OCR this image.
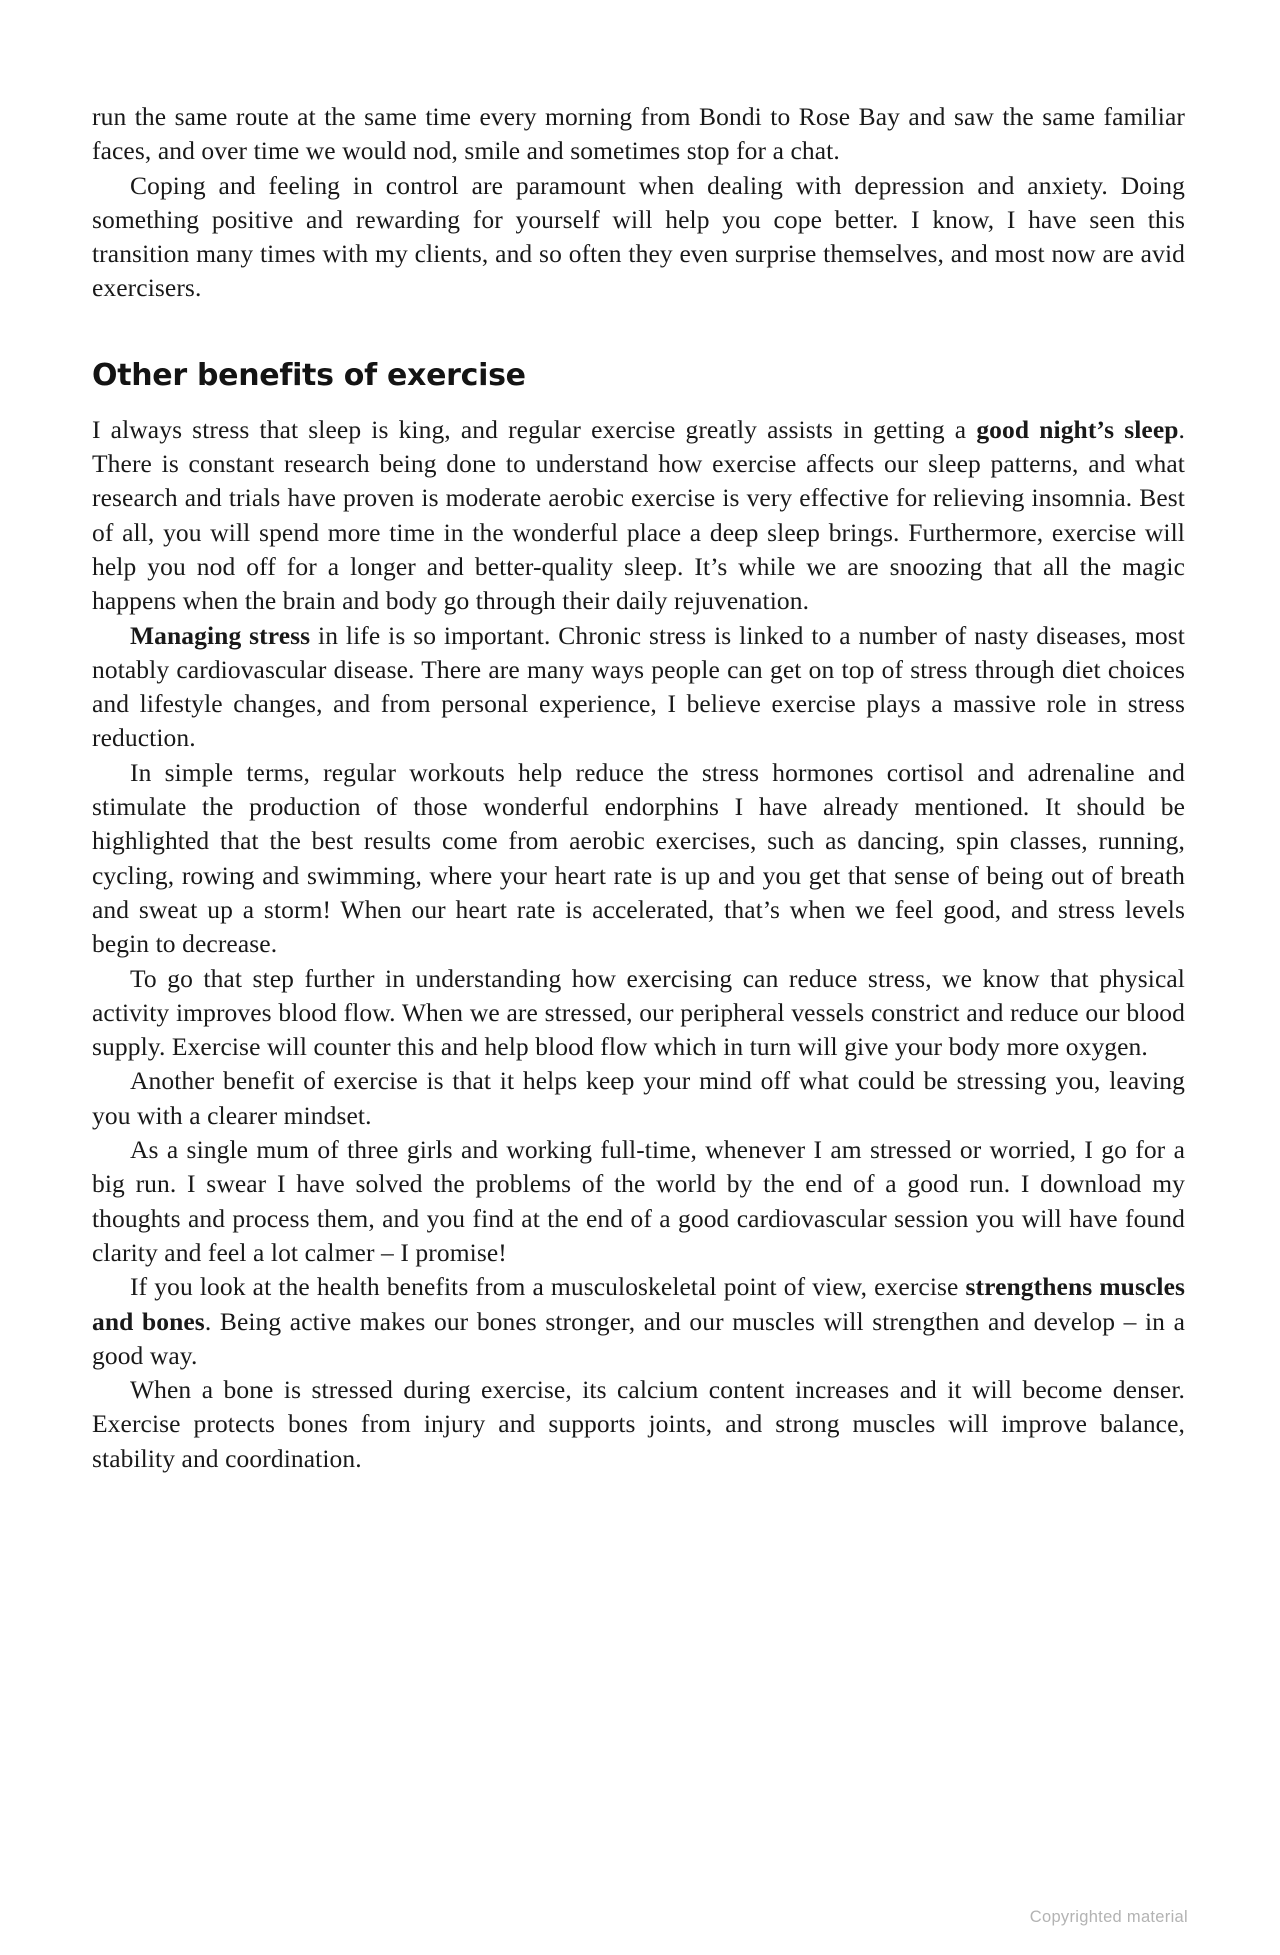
run the same route at the same time every morning from Bondi to Rose Bay and saw the same familiar faces, and over time we would nod, smile and sometimes stop for a chat.

Coping and feeling in control are paramount when dealing with depression and anxiety. Doing something positive and rewarding for yourself will help you cope better. I know, I have seen this transition many times with my clients, and so often they even surprise themselves, and most now are avid exercisers.

Other benefits of exercise

I always stress that sleep is king, and regular exercise greatly assists in getting a good night’s sleep. There is constant research being done to understand how exercise affects our sleep patterns, and what research and trials have proven is moderate aerobic exercise is very effective for relieving insomnia. Best of all, you will spend more time in the wonderful place a deep sleep brings. Furthermore, exercise will help you nod off for a longer and better-quality sleep. It’s while we are snoozing that all the magic happens when the brain and body go through their daily rejuvenation.

Managing stress in life is so important. Chronic stress is linked to a number of nasty diseases, most notably cardiovascular disease. There are many ways people can get on top of stress through diet choices and lifestyle changes, and from personal experience, I believe exercise plays a massive role in stress reduction.

In simple terms, regular workouts help reduce the stress hormones cortisol and adrenaline and stimulate the production of those wonderful endorphins I have already mentioned. It should be highlighted that the best results come from aerobic exercises, such as dancing, spin classes, running, cycling, rowing and swimming, where your heart rate is up and you get that sense of being out of breath and sweat up a storm! When our heart rate is accelerated, that’s when we feel good, and stress levels begin to decrease.

To go that step further in understanding how exercising can reduce stress, we know that physical activity improves blood flow. When we are stressed, our peripheral vessels constrict and reduce our blood supply. Exercise will counter this and help blood flow which in turn will give your body more oxygen.

Another benefit of exercise is that it helps keep your mind off what could be stressing you, leaving you with a clearer mindset.

As a single mum of three girls and working full-time, whenever I am stressed or worried, I go for a big run. I swear I have solved the problems of the world by the end of a good run. I download my thoughts and process them, and you find at the end of a good cardiovascular session you will have found clarity and feel a lot calmer – I promise!

If you look at the health benefits from a musculoskeletal point of view, exercise strengthens muscles and bones. Being active makes our bones stronger, and our muscles will strengthen and develop – in a good way.

When a bone is stressed during exercise, its calcium content increases and it will become denser. Exercise protects bones from injury and supports joints, and strong muscles will improve balance, stability and coordination.

Copyrighted material
